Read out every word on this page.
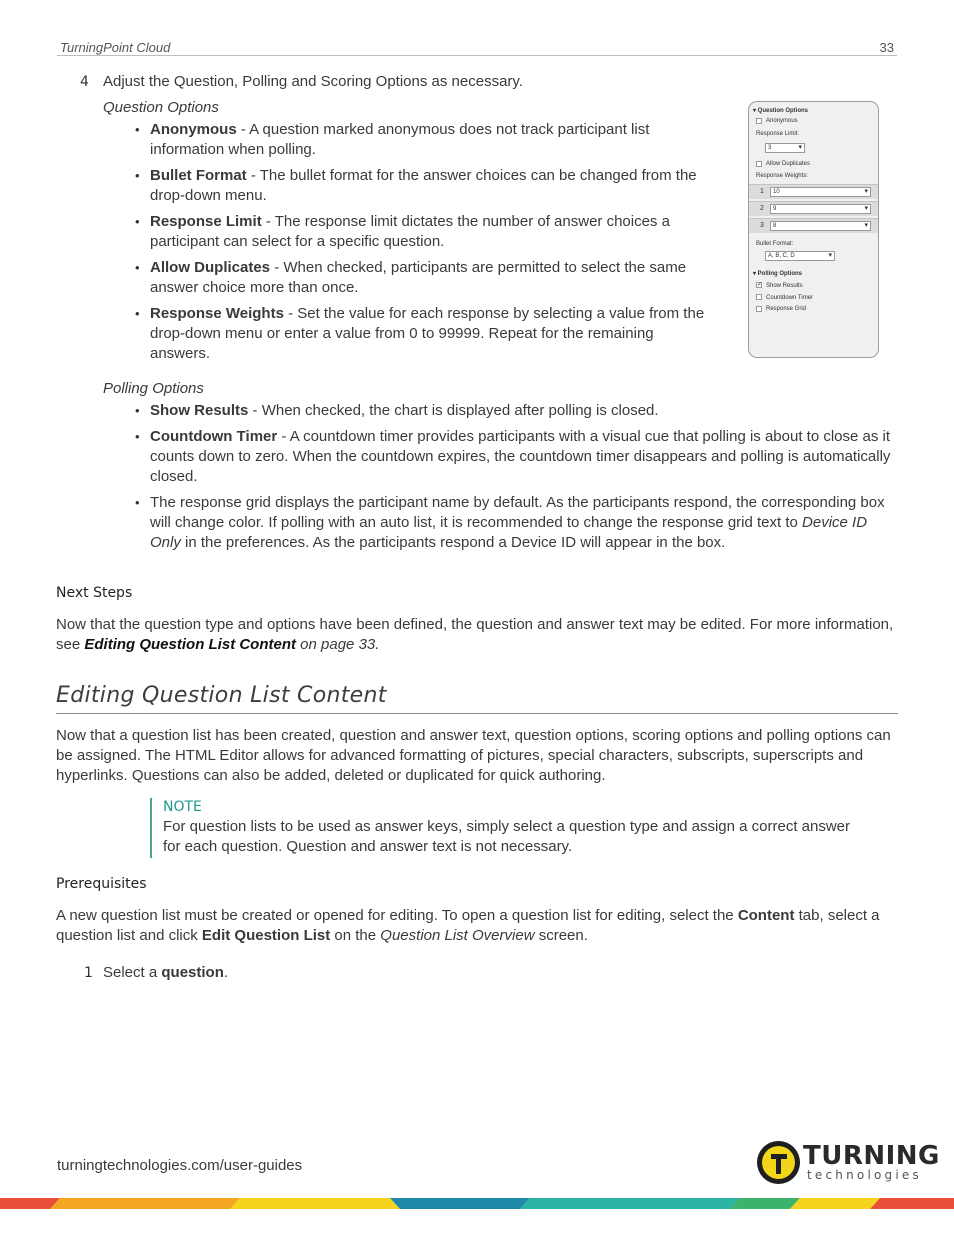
TurningPoint Cloud	33
4 Adjust the Question, Polling and Scoring Options as necessary.
Question Options
• Anonymous - A question marked anonymous does not track participant list information when polling.
• Bullet Format - The bullet format for the answer choices can be changed from the drop-down menu.
• Response Limit - The response limit dictates the number of answer choices a participant can select for a specific question.
• Allow Duplicates - When checked, participants are permitted to select the same answer choice more than once.
• Response Weights - Set the value for each response by selecting a value from the drop-down menu or enter a value from 0 to 99999. Repeat for the remaining answers.
▾ Question Options
Anonymous
Response Limit:
3 ▾
Allow Duplicates
Response Weights:
1	10 ▾
2	9 ▾
3	8 ▾
Bullet Format:
A, B, C, D ▾
▾ Polling Options
✓ Show Results
Countdown Timer
Response Grid
Polling Options
• Show Results - When checked, the chart is displayed after polling is closed.
• Countdown Timer - A countdown timer provides participants with a visual cue that polling is about to close as it counts down to zero. When the countdown expires, the countdown timer disappears and polling is automatically closed.
• The response grid displays the participant name by default. As the participants respond, the corresponding box will change color. If polling with an auto list, it is recommended to change the response grid text to Device ID Only in the preferences. As the participants respond a Device ID will appear in the box.
Next Steps

Now that the question type and options have been defined, the question and answer text may be edited. For more information, see Editing Question List Content on page 33.

Editing Question List Content

Now that a question list has been created, question and answer text, question options, scoring options and polling options can be assigned. The HTML Editor allows for advanced formatting of pictures, special characters, subscripts, superscripts and hyperlinks. Questions can also be added, deleted or duplicated for quick authoring.

NOTE
For question lists to be used as answer keys, simply select a question type and assign a correct answer for each question. Question and answer text is not necessary.
Prerequisites

A new question list must be created or opened for editing. To open a question list for editing, select the Content tab, select a question list and click Edit Question List on the Question List Overview screen.

1 Select a question.

turningtechnologies.com/user-guides	TURNING
technologies
